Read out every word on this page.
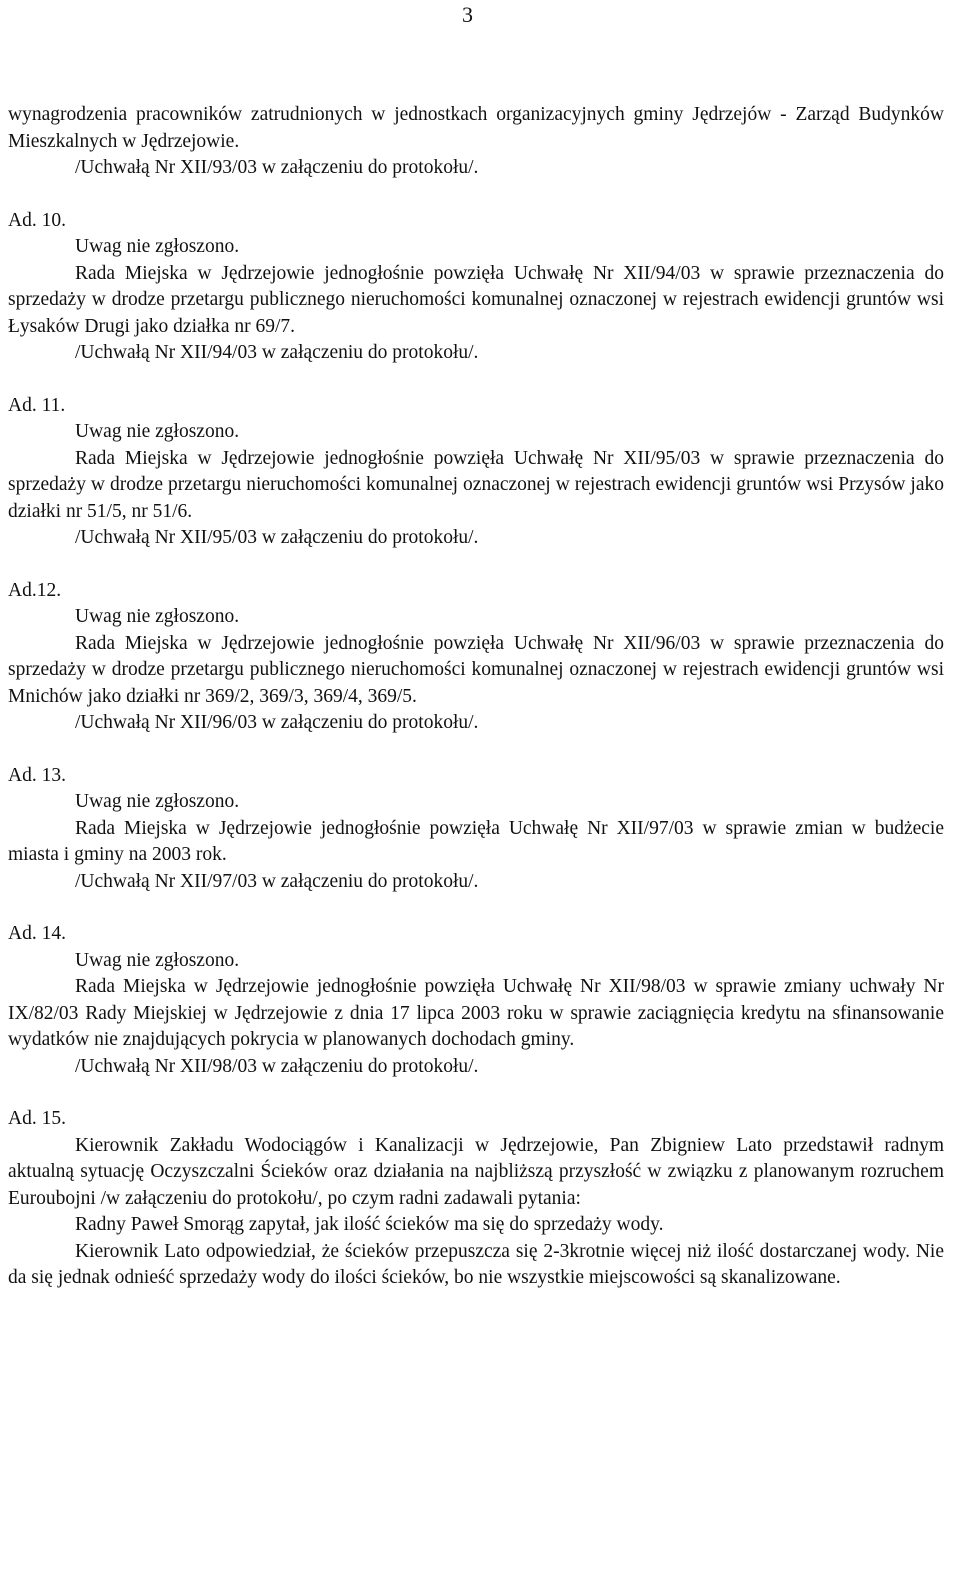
3

wynagrodzenia pracowników zatrudnionych w jednostkach organizacyjnych gminy Jędrzejów - Zarząd Budynków Mieszkalnych w Jędrzejowie.

/Uchwałą Nr XII/93/03 w załączeniu do protokołu/.

Ad. 10.

Uwag nie zgłoszono.

Rada Miejska w Jędrzejowie jednogłośnie powzięła Uchwałę Nr XII/94/03 w sprawie przeznaczenia do sprzedaży w drodze przetargu publicznego nieruchomości komunalnej oznaczonej w rejestrach ewidencji gruntów wsi Łysaków Drugi jako działka nr 69/7.

/Uchwałą Nr XII/94/03 w załączeniu do protokołu/.

Ad. 11.

Uwag nie zgłoszono.

Rada Miejska w Jędrzejowie jednogłośnie powzięła Uchwałę Nr XII/95/03 w sprawie przeznaczenia do sprzedaży w drodze przetargu nieruchomości komunalnej oznaczonej w rejestrach ewidencji gruntów wsi Przysów jako działki nr 51/5, nr 51/6.

/Uchwałą Nr XII/95/03 w załączeniu do protokołu/.

Ad.12.

Uwag nie zgłoszono.

Rada Miejska w Jędrzejowie jednogłośnie powzięła Uchwałę Nr XII/96/03 w sprawie przeznaczenia do sprzedaży w drodze przetargu publicznego nieruchomości komunalnej oznaczonej w rejestrach ewidencji gruntów wsi Mnichów jako działki nr 369/2, 369/3, 369/4, 369/5.

/Uchwałą Nr XII/96/03 w załączeniu do protokołu/.

Ad. 13.

Uwag nie zgłoszono.

Rada Miejska w Jędrzejowie jednogłośnie powzięła Uchwałę Nr XII/97/03 w sprawie zmian w budżecie miasta i gminy na 2003 rok.

/Uchwałą Nr XII/97/03 w załączeniu do protokołu/.

Ad. 14.

Uwag nie zgłoszono.

Rada Miejska w Jędrzejowie jednogłośnie powzięła Uchwałę Nr XII/98/03 w sprawie zmiany uchwały Nr IX/82/03 Rady Miejskiej w Jędrzejowie z dnia 17 lipca 2003 roku w sprawie zaciągnięcia kredytu na sfinansowanie wydatków nie znajdujących pokrycia w planowanych dochodach gminy.

/Uchwałą Nr XII/98/03 w załączeniu do protokołu/.

Ad. 15.

Kierownik Zakładu Wodociągów i Kanalizacji w Jędrzejowie, Pan Zbigniew Lato przedstawił radnym aktualną sytuację Oczyszczalni Ścieków oraz działania na najbliższą przyszłość w związku z planowanym rozruchem Euroubojni /w załączeniu do protokołu/, po czym radni zadawali pytania:

Radny Paweł Smorąg zapytał, jak ilość ścieków ma się do sprzedaży wody.

Kierownik Lato odpowiedział, że ścieków przepuszcza się 2-3krotnie więcej niż ilość dostarczanej wody. Nie da się jednak odnieść sprzedaży wody do ilości ścieków, bo nie wszystkie miejscowości są skanalizowane.
